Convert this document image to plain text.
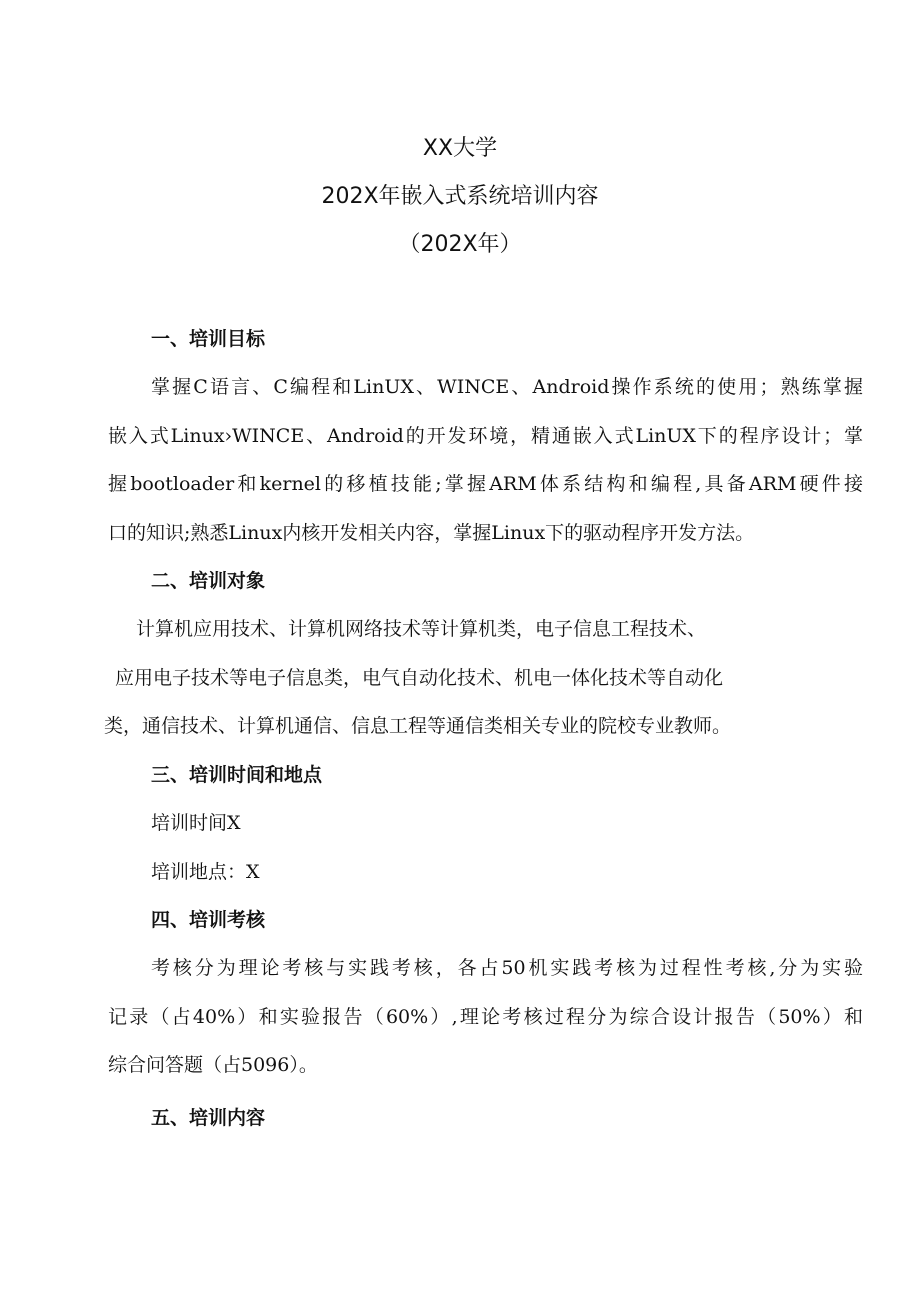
XX大学
202X年嵌入式系统培训内容
（202X年）
一、培训目标
掌握C语言、C编程和LinUX、WINCE、Android操作系统的使用；熟练掌握
嵌入式Linux›WINCE、Android的开发环境，精通嵌入式LinUX下的程序设计；掌
握bootloader和kernel的移植技能;掌握ARM体系结构和编程,具备ARM硬件接
口的知识;熟悉Linux内核开发相关内容，掌握Linux下的驱动程序开发方法。
二、培训对象
计算机应用技术、计算机网络技术等计算机类，电子信息工程技术、
应用电子技术等电子信息类，电气自动化技术、机电一体化技术等自动化
类，通信技术、计算机通信、信息工程等通信类相关专业的院校专业教师。
三、培训时间和地点
培训时间X
培训地点：X
四、培训考核
考核分为理论考核与实践考核，各占50机实践考核为过程性考核,分为实验
记录（占40%）和实验报告（60%）,理论考核过程分为综合设计报告（50%）和
综合问答题（占5096）。
五、培训内容
